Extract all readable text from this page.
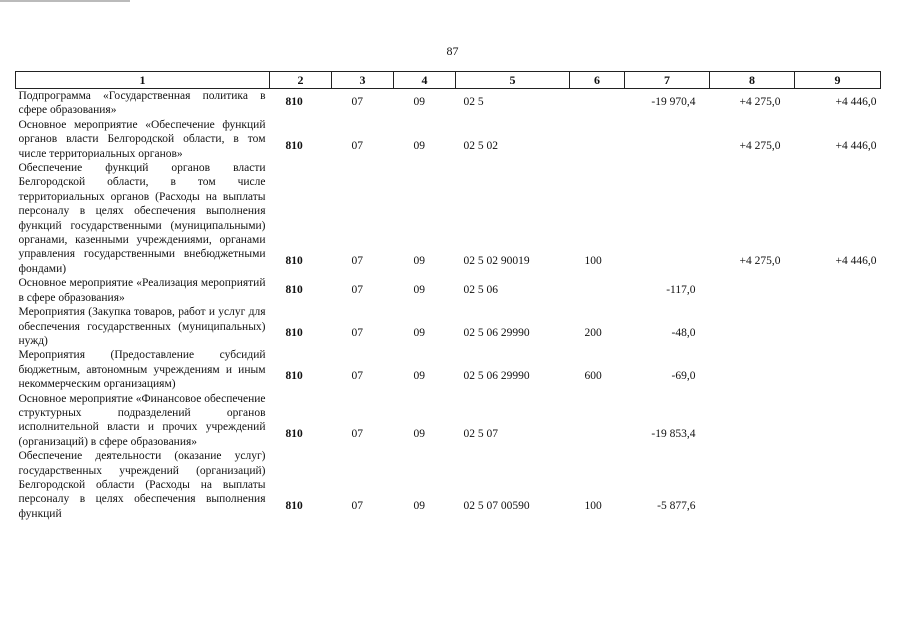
87
1	2	3	4	5	6	7	8	9
Подпрограмма «Государственная политика в сфере образования»	810	07	09	02 5		-19 970,4	+4 275,0	+4 446,0
Основное мероприятие «Обеспечение функций органов власти Белгородской области, в том числе территориальных органов»	810	07	09	02 5 02			+4 275,0	+4 446,0
Обеспечение функций органов власти Белгородской области, в том числе территориальных органов (Расходы на выплаты персоналу в целях обеспечения выполнения функций государственными (муниципальными) органами, казенными учреждениями, органами управления государственными внебюджетными фондами)	810	07	09	02 5 02 90019	100		+4 275,0	+4 446,0
Основное мероприятие «Реализация мероприятий в сфере образования»	810	07	09	02 5 06		-117,0		
Мероприятия (Закупка товаров, работ и услуг для обеспечения государственных (муниципальных) нужд)	810	07	09	02 5 06 29990	200	-48,0		
Мероприятия (Предоставление субсидий бюджетным, автономным учреждениям и иным некоммерческим организациям)	810	07	09	02 5 06 29990	600	-69,0		
Основное мероприятие «Финансовое обеспечение структурных подразделений органов исполнительной власти и прочих учреждений (организаций) в сфере образования»	810	07	09	02 5 07		-19 853,4		
Обеспечение деятельности (оказание услуг) государственных учреждений (организаций) Белгородской области (Расходы на выплаты персоналу в целях обеспечения выполнения функций	810	07	09	02 5 07 00590	100	-5 877,6		
